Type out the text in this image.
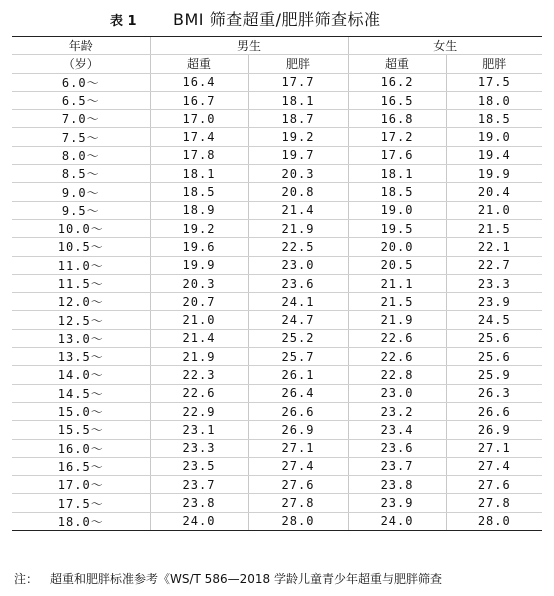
表 1 BMI 筛查超重/肥胖筛查标准
年龄	男生		女生	
（岁）	超重	肥胖	超重	肥胖
6.0～	16.4	17.7	16.2	17.5
6.5～	16.7	18.1	16.5	18.0
7.0～	17.0	18.7	16.8	18.5
7.5～	17.4	19.2	17.2	19.0
8.0～	17.8	19.7	17.6	19.4
8.5～	18.1	20.3	18.1	19.9
9.0～	18.5	20.8	18.5	20.4
9.5～	18.9	21.4	19.0	21.0
10.0～	19.2	21.9	19.5	21.5
10.5～	19.6	22.5	20.0	22.1
11.0～	19.9	23.0	20.5	22.7
11.5～	20.3	23.6	21.1	23.3
12.0～	20.7	24.1	21.5	23.9
12.5～	21.0	24.7	21.9	24.5
13.0～	21.4	25.2	22.6	25.6
13.5～	21.9	25.7	22.6	25.6
14.0～	22.3	26.1	22.8	25.9
14.5～	22.6	26.4	23.0	26.3
15.0～	22.9	26.6	23.2	26.6
15.5～	23.1	26.9	23.4	26.9
16.0～	23.3	27.1	23.6	27.1
16.5～	23.5	27.4	23.7	27.4
17.0～	23.7	27.6	23.8	27.6
17.5～	23.8	27.8	23.9	27.8
18.0～	24.0	28.0	24.0	28.0
注： 超重和肥胖标准参考《WS/T 586—2018 学龄儿童青少年超重与肥胖筛查
